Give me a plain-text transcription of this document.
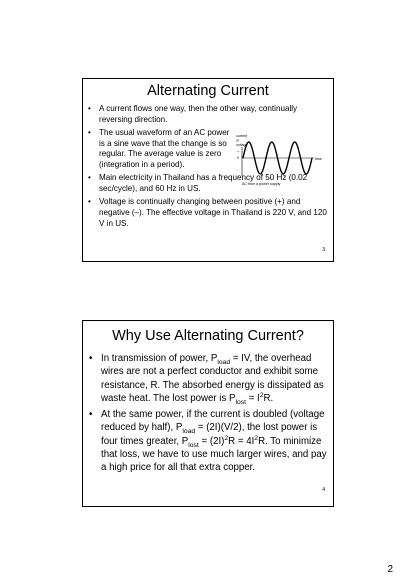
Alternating Current
• A current flows one way, then the other way, continually reversing direction.
• The usual waveform of an AC power is a sine wave that the change is so regular. The average value is zero (integration in a period).
• Main electricity in Thailand has a frequency of 50 Hz (0.02 sec/cycle), and 60 Hz in US.
• Voltage is continually changing between positive (+) and negative (–). The effective voltage in Thailand is 220 V, and 120 V in US.
current
or
voltage
+
0
-
time
AC from a power supply
3
Why Use Alternating Current?
• In transmission of power, $P_{load}$ = IV, the overhead wires are not a perfect conductor and exhibit some resistance, R. The absorbed energy is dissipated as waste heat. The lost power is $P_{lost} = I^2R$.
• At the same power, if the current is doubled (voltage reduced by half), $P_{load} = (2I)(V/2)$, the lost power is four times greater, $P_{lost} = (2I)^2R = 4I^2R$. To minimize that loss, we have to use much larger wires, and pay a high price for all that extra copper.
4
2
